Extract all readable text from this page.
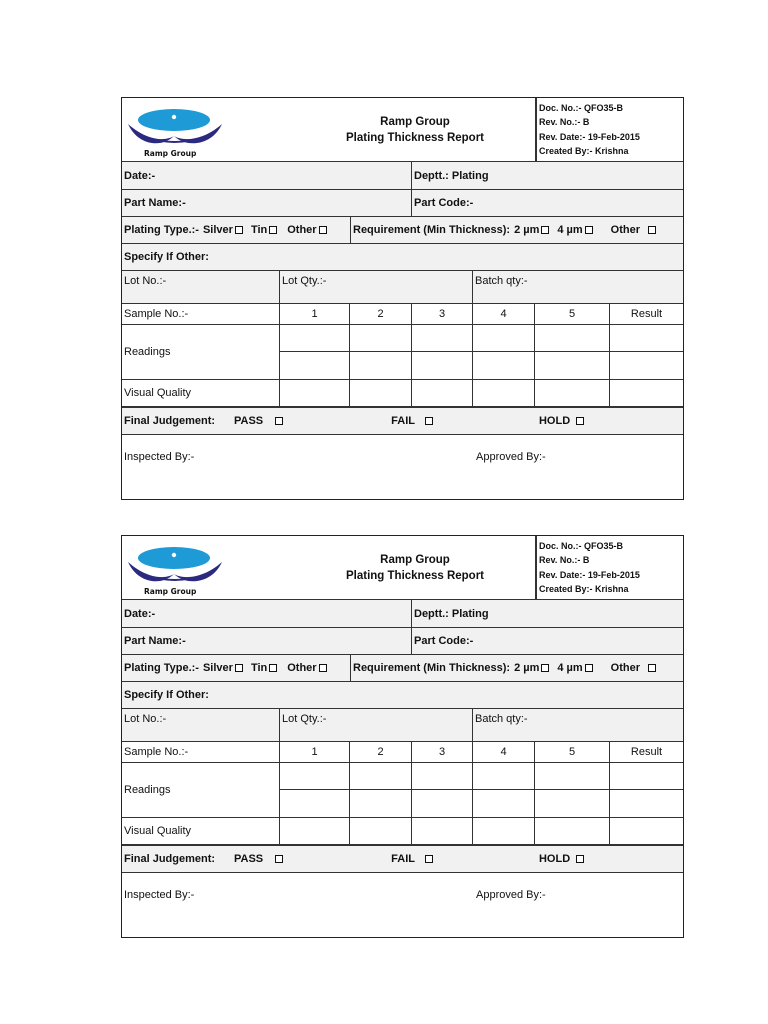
Ramp Group
Ramp Group
Plating Thickness Report
Doc. No.:- QFO35-B
Rev. No.:- B
Rev. Date:- 19-Feb-2015
Created By:- Krishna
Date:-	Deptt.: Plating
Part Name:-	Part Code:-
Plating Type.:- Silver Tin Other	Requirement (Min Thickness): 2 µm 4 µm	Other
Specify If Other:
Lot No.:-	Lot Qty.:-	Batch qty:-
Sample No.:-	1	2	3	4	5	Result
Readings
Visual Quality
Final Judgement:	PASS	FAIL	HOLD
Inspected By:-	Approved By:-
Ramp Group
Ramp Group
Plating Thickness Report
Doc. No.:- QFO35-B
Rev. No.:- B
Rev. Date:- 19-Feb-2015
Created By:- Krishna
Date:-	Deptt.: Plating
Part Name:-	Part Code:-
Plating Type.:- Silver Tin Other	Requirement (Min Thickness): 2 µm 4 µm	Other
Specify If Other:
Lot No.:-	Lot Qty.:-	Batch qty:-
Sample No.:-	1	2	3	4	5	Result
Readings
Visual Quality
Final Judgement:	PASS	FAIL	HOLD
Inspected By:-	Approved By:-
